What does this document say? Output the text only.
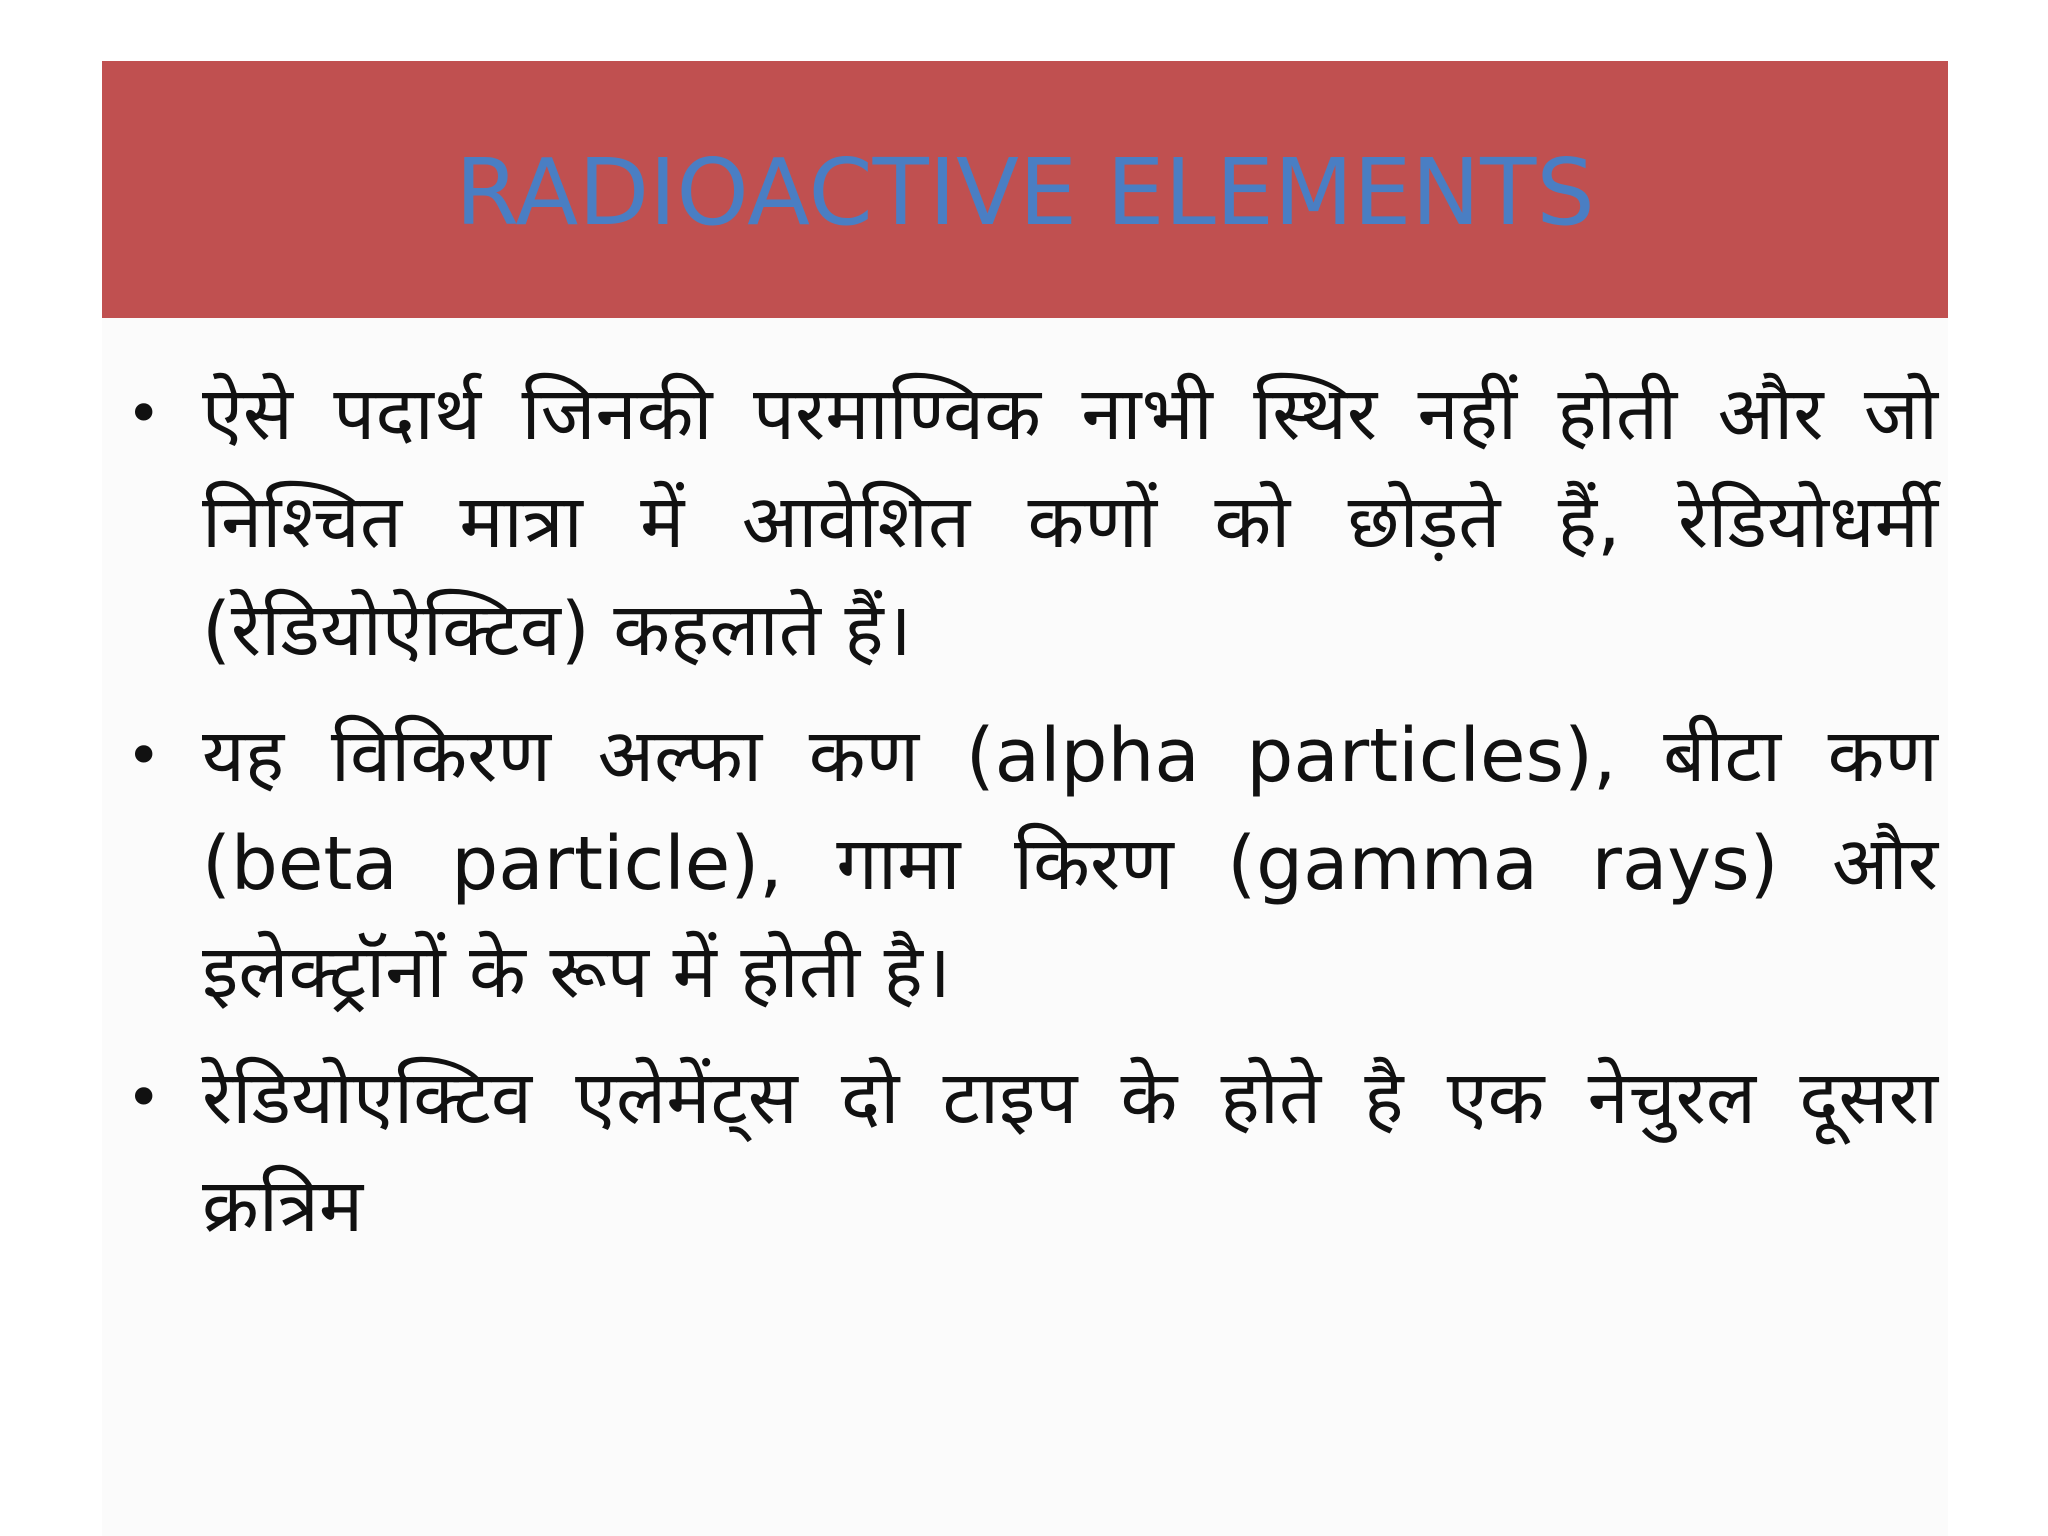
RADIOACTIVE ELEMENTS
• ऐसे पदार्थ जिनकी परमाण्विक नाभी स्थिर नहीं होती और जो निश्चित मात्रा में आवेशित कणों को छोड़ते हैं, रेडियोधर्मी (रेडियोऐक्टिव) कहलाते हैं।
• यह विकिरण अल्फा कण (alpha particles), बीटा कण (beta particle), गामा किरण (gamma rays) और इलेक्ट्रॉनों के रूप में होती है।
• रेडियोएक्टिव एलेमेंट्स दो टाइप के होते है एक नेचुरल दूसरा क्रत्रिम
